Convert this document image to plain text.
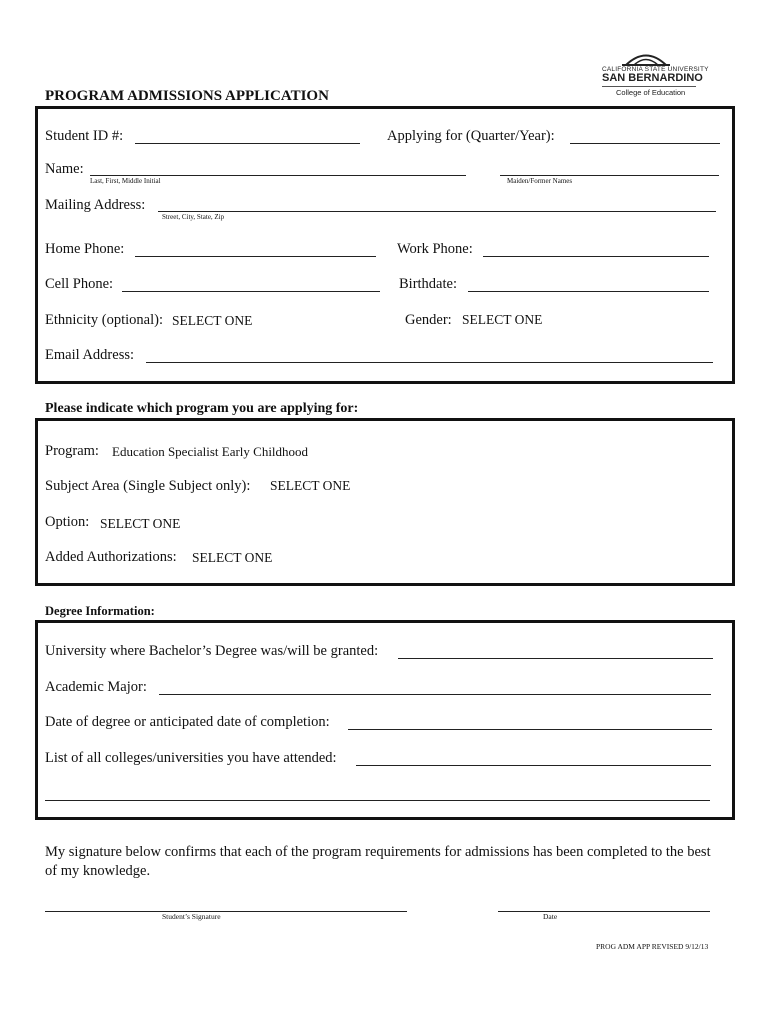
CALIFORNIA STATE UNIVERSITY
SAN BERNARDINO
College of Education
PROGRAM ADMISSIONS APPLICATION
Student ID #:	Applying for (Quarter/Year):
Name:
Last, First, Middle Initial	Maiden/Former Names
Mailing Address:
Street, City, State, Zip
Home Phone:	Work Phone:
Cell Phone:	Birthdate:
Ethnicity (optional): SELECT ONE	Gender: SELECT ONE
Email Address:
Please indicate which program you are applying for:
Program: Education Specialist Early Childhood
Subject Area (Single Subject only): SELECT ONE
Option: SELECT ONE
Added Authorizations: SELECT ONE
Degree Information:
University where Bachelor’s Degree was/will be granted:
Academic Major:
Date of degree or anticipated date of completion:
List of all colleges/universities you have attended:
My signature below confirms that each of the program requirements for admissions has been completed to the best of my knowledge.
Student’s Signature	Date
PROG ADM APP REVISED 9/12/13
